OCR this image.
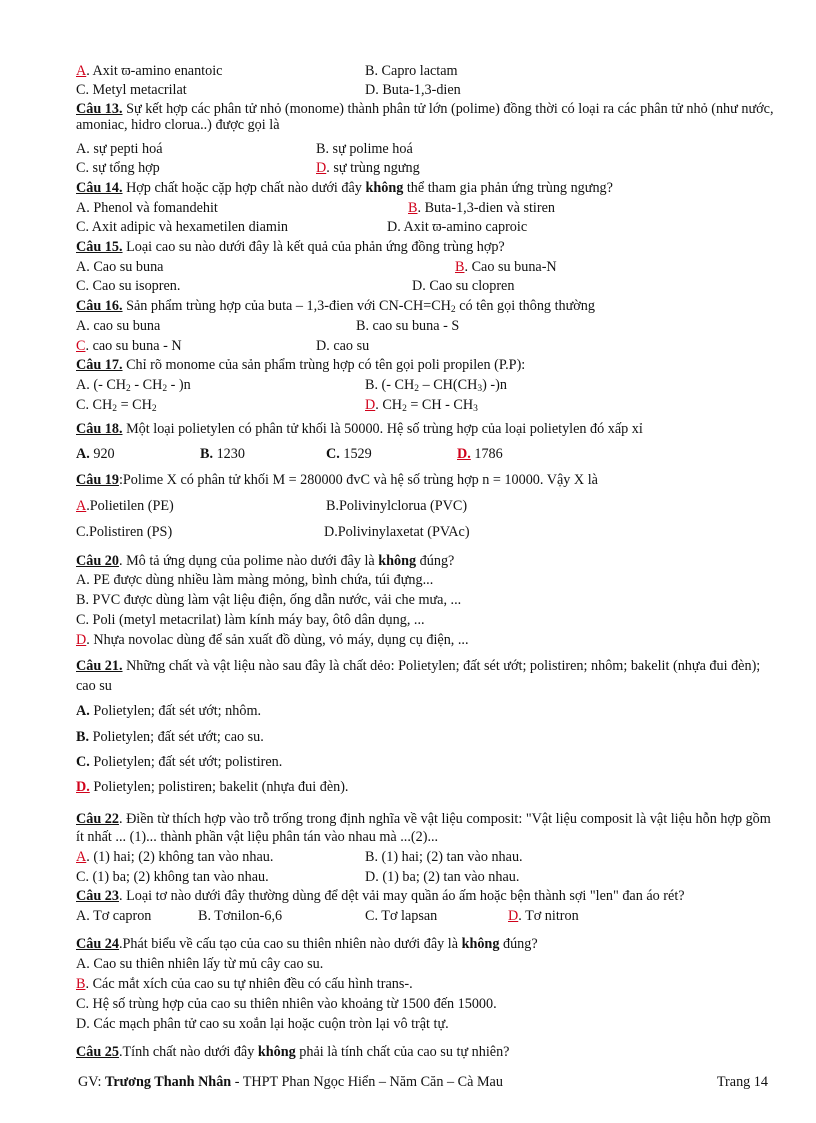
A. Axit ϖ-amino enantoic	B. Capro lactam
C. Metyl metacrilat	D. Buta-1,3-dien
Câu 13. Sự kết hợp các phân tử nhỏ (monome) thành phân tử lớn (polime) đồng thời có loại ra các phân tử nhỏ (như nước, amoniac, hidro clorua..) được gọi là
A. sự pepti hoá	B. sự polime hoá
C. sự tổng hợp	D. sự trùng ngưng
Câu 14. Hợp chất hoặc cặp hợp chất nào dưới đây không thể tham gia phản ứng trùng ngưng?
A. Phenol và fomandehit	B. Buta-1,3-dien và stiren
C. Axit adipic và hexametilen diamin	D. Axit ϖ-amino caproic
Câu 15. Loại cao su nào dưới đây là kết quả của phản ứng đồng trùng hợp?
A. Cao su buna	B. Cao su buna-N
C. Cao su isopren.	D. Cao su clopren
Câu 16. Sản phẩm trùng hợp của buta – 1,3-đien với $CN-CH=CH_2$ có tên gọi thông thường
A. cao su buna	B. cao su buna - S
C. cao su buna - N	D. cao su
Câu 17. Chỉ rõ monome của sản phẩm trùng hợp có tên gọi poli propilen (P.P):
A. (- $CH_2 - CH_2 - )n$	B. (- $CH_2 - CH(CH_3)$ -)n
C. $CH_2 = CH_2$	D. $CH_2$ = CH - $CH_3$
Câu 18. Một loại polietylen có phân tử khối là 50000. Hệ số trùng hợp của loại polietylen đó xấp xỉ
A. 920	B. 1230	C. 1529	D. 1786
Câu 19:Polime X có phân tử khối M = 280000 đvC và hệ số trùng hợp n = 10000. Vậy X là
A.Polietilen (PE)	B.Polivinylclorua (PVC)
C.Polistiren (PS)	D.Polivinylaxetat (PVAc)
Câu 20. Mô tả ứng dụng của polime nào dưới đây là không đúng?
A. PE được dùng nhiều làm màng mỏng, bình chứa, túi đựng...
B. PVC được dùng làm vật liệu điện, ống dẫn nước, vải che mưa, ...
C. Poli (metyl metacrilat) làm kính máy bay, ôtô dân dụng, ...
D. Nhựa novolac dùng để sản xuất đồ dùng, vỏ máy, dụng cụ điện, ...
Câu 21. Những chất và vật liệu nào sau đây là chất dẻo: Polietylen; đất sét ướt; polistiren; nhôm; bakelit (nhựa đui đèn); cao su
A. Polietylen; đất sét ướt; nhôm.
B. Polietylen; đất sét ướt; cao su.
C. Polietylen; đất sét ướt; polistiren.
D. Polietylen; polistiren; bakelit (nhựa đui đèn).
Câu 22. Điền từ thích hợp vào trỗ trống trong định nghĩa về vật liệu composit: "Vật liệu composit là vật liệu hỗn hợp gồm ít nhất ... (1)... thành phần vật liệu phân tán vào nhau mà ...(2)...
A. (1) hai; (2) không tan vào nhau.	B. (1) hai; (2) tan vào nhau.
C. (1) ba; (2) không tan vào nhau.	D. (1) ba; (2) tan vào nhau.
Câu 23. Loại tơ nào dưới đây thường dùng để dệt vải may quần áo ấm hoặc bện thành sợi "len" đan áo rét?
A. Tơ capron	B. Tơnilon-6,6	C. Tơ lapsan	D. Tơ nitron
Câu 24.Phát biểu về cấu tạo của cao su thiên nhiên nào dưới đây là không đúng?
A. Cao su thiên nhiên lấy từ mủ cây cao su.
B. Các mắt xích của cao su tự nhiên đều có cấu hình trans-.
C. Hệ số trùng hợp của cao su thiên nhiên vào khoảng từ 1500 đến 15000.
D. Các mạch phân tử cao su xoắn lại hoặc cuộn tròn lại vô trật tự.
Câu 25.Tính chất nào dưới đây không phải là tính chất của cao su tự nhiên?
GV: Trương Thanh Nhân - THPT Phan Ngọc Hiển – Năm Căn – Cà Mau	Trang 14
